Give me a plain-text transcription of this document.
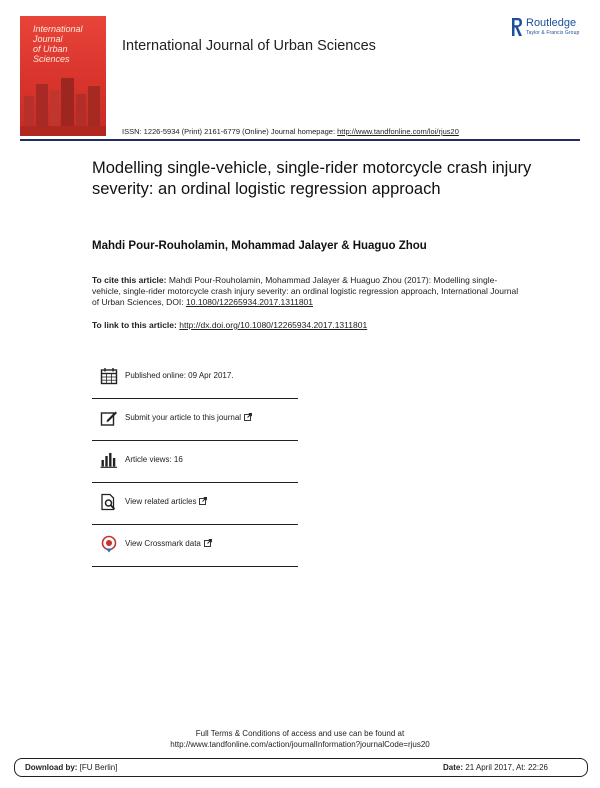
International
Journal
of Urban
Sciences
International Journal of Urban Sciences
Routledge
Taylor & Francis Group
ISSN: 1226-5934 (Print) 2161-6779 (Online) Journal homepage: http://www.tandfonline.com/loi/rjus20
Modelling single-vehicle, single-rider motorcycle crash injury severity: an ordinal logistic regression approach
Mahdi Pour-Rouholamin, Mohammad Jalayer & Huaguo Zhou
To cite this article: Mahdi Pour-Rouholamin, Mohammad Jalayer & Huaguo Zhou (2017): Modelling single-vehicle, single-rider motorcycle crash injury severity: an ordinal logistic regression approach, International Journal of Urban Sciences, DOI: 10.1080/12265934.2017.1311801
To link to this article: http://dx.doi.org/10.1080/12265934.2017.1311801
Published online: 09 Apr 2017.
Submit your article to this journal
Article views: 16
View related articles
View Crossmark data
Full Terms & Conditions of access and use can be found at
http://www.tandfonline.com/action/journalInformation?journalCode=rjus20
Download by: [FU Berlin]	Date: 21 April 2017, At: 22:26
